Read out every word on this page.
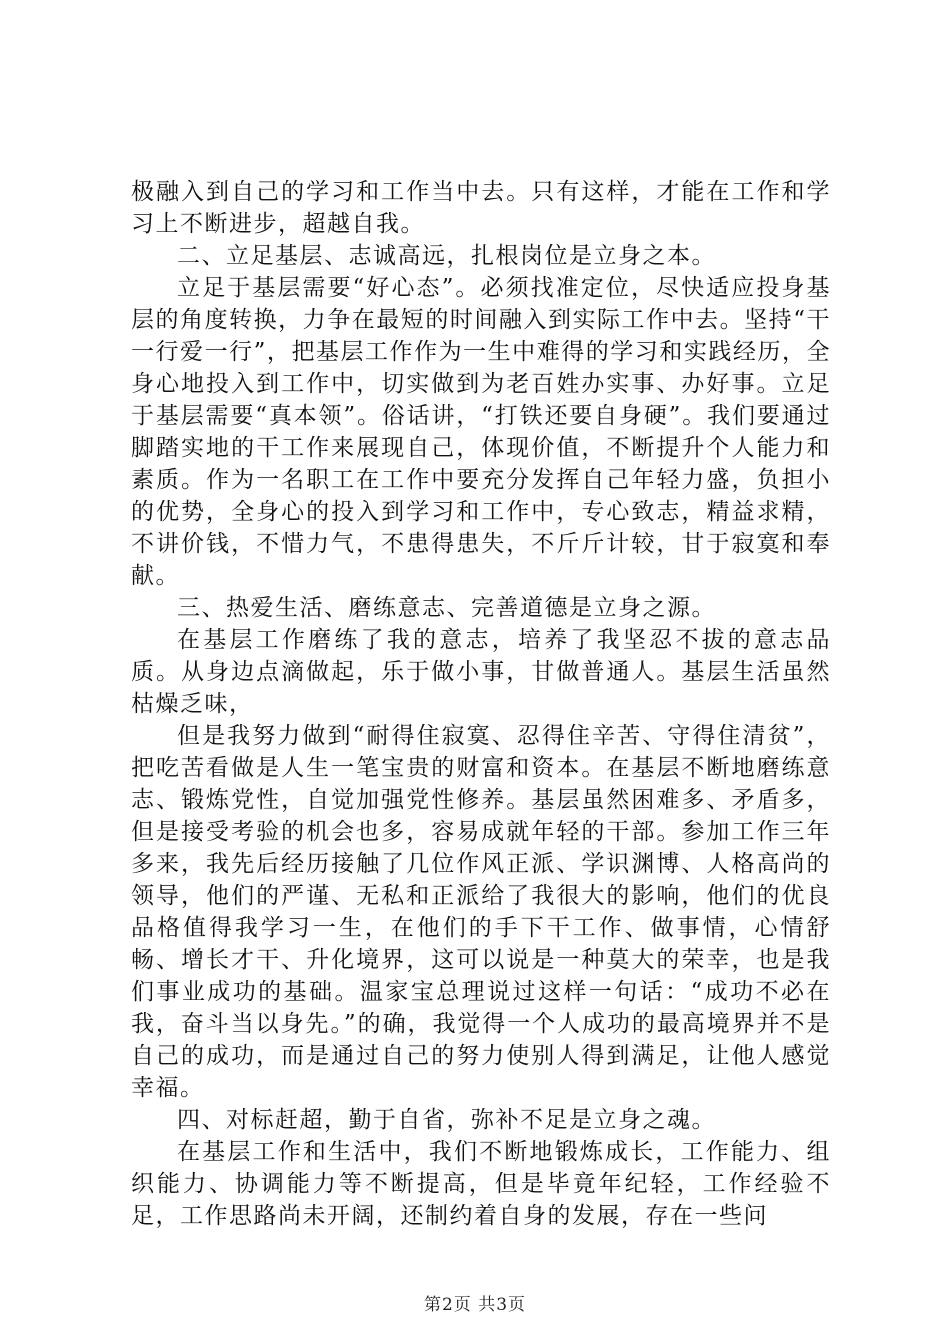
极融入到自己的学习和工作当中去。只有这样，才能在工作和学习上不断进步，超越自我。

二、立足基层、志诚高远，扎根岗位是立身之本。

立足于基层需要“好心态”。必须找准定位，尽快适应投身基层的角度转换，力争在最短的时间融入到实际工作中去。坚持“干一行爱一行”，把基层工作作为一生中难得的学习和实践经历，全身心地投入到工作中，切实做到为老百姓办实事、办好事。立足于基层需要“真本领”。俗话讲，“打铁还要自身硬”。我们要通过脚踏实地的干工作来展现自己，体现价值，不断提升个人能力和素质。作为一名职工在工作中要充分发挥自己年轻力盛，负担小的优势，全身心的投入到学习和工作中，专心致志，精益求精，不讲价钱，不惜力气，不患得患失，不斤斤计较，甘于寂寞和奉献。

三、热爱生活、磨练意志、完善道德是立身之源。

在基层工作磨练了我的意志，培养了我坚忍不拔的意志品质。从身边点滴做起，乐于做小事，甘做普通人。基层生活虽然枯燥乏味，

但是我努力做到“耐得住寂寞、忍得住辛苦、守得住清贫”，把吃苦看做是人生一笔宝贵的财富和资本。在基层不断地磨练意志、锻炼党性，自觉加强党性修养。基层虽然困难多、矛盾多，但是接受考验的机会也多，容易成就年轻的干部。参加工作三年多来，我先后经历接触了几位作风正派、学识渊博、人格高尚的领导，他们的严谨、无私和正派给了我很大的影响，他们的优良品格值得我学习一生，在他们的手下干工作、做事情，心情舒畅、增长才干、升化境界，这可以说是一种莫大的荣幸，也是我们事业成功的基础。温家宝总理说过这样一句话：“成功不必在我，奋斗当以身先。”的确，我觉得一个人成功的最高境界并不是自己的成功，而是通过自己的努力使别人得到满足，让他人感觉幸福。

四、对标赶超，勤于自省，弥补不足是立身之魂。

在基层工作和生活中，我们不断地锻炼成长，工作能力、组织能力、协调能力等不断提高，但是毕竟年纪轻，工作经验不足，工作思路尚未开阔，还制约着自身的发展，存在一些问

第2页 共3页
